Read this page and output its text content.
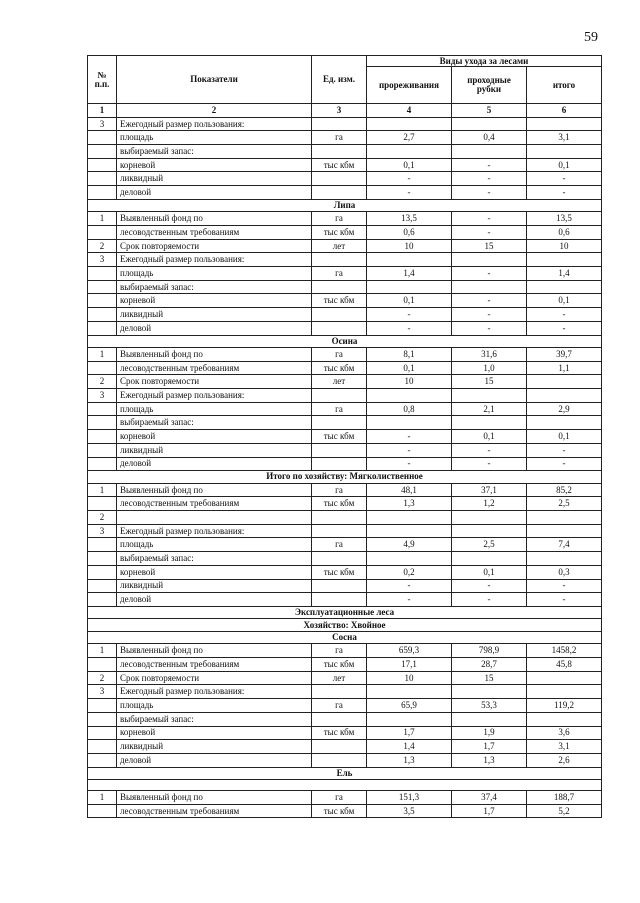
59
№ п.п.	Показатели	Ед. изм.	Виды ухода за лесами		
			прореживания	проходные рубки	итого
1	2	3	4	5	6
3	Ежегодный размер пользования:				
	площадь	га	2,7	0,4	3,1
	выбираемый запас:				
	корневой	тыс кбм	0,1	-	0,1
	ликвидный		-	-	-
	деловой		-	-	-
Липа					
1	Выявленный фонд по	га	13,5	-	13,5
	лесоводственным требованиям	тыс кбм	0,6	-	0,6
2	Срок повторяемости	лет	10	15	10
3	Ежегодный размер пользования:				
	площадь	га	1,4	-	1,4
	выбираемый запас:				
	корневой	тыс кбм	0,1	-	0,1
	ликвидный		-	-	-
	деловой		-	-	-
Осина					
1	Выявленный фонд по	га	8,1	31,6	39,7
	лесоводственным требованиям	тыс кбм	0,1	1,0	1,1
2	Срок повторяемости	лет	10	15	
3	Ежегодный размер пользования:				
	площадь	га	0,8	2,1	2,9
	выбираемый запас:				
	корневой	тыс кбм	-	0,1	0,1
	ликвидный		-	-	-
	деловой		-	-	-
Итого по хозяйству: Мягколиственное					
1	Выявленный фонд по	га	48,1	37,1	85,2
	лесоводственным требованиям	тыс кбм	1,3	1,2	2,5
2					
3	Ежегодный размер пользования:				
	площадь	га	4,9	2,5	7,4
	выбираемый запас:				
	корневой	тыс кбм	0,2	0,1	0,3
	ликвидный		-	-	-
	деловой		-	-	-
Эксплуатационные леса					
Хозяйство: Хвойное					
Сосна					
1	Выявленный фонд по	га	659,3	798,9	1458,2
	лесоводственным требованиям	тыс кбм	17,1	28,7	45,8
2	Срок повторяемости	лет	10	15	
3	Ежегодный размер пользования:				
	площадь	га	65,9	53,3	119,2
	выбираемый запас:				
	корневой	тыс кбм	1,7	1,9	3,6
	ликвидный		1,4	1,7	3,1
	деловой		1,3	1,3	2,6
Ель					

1	Выявленный фонд по	га	151,3	37,4	188,7
	лесоводственным требованиям	тыс кбм	3,5	1,7	5,2
